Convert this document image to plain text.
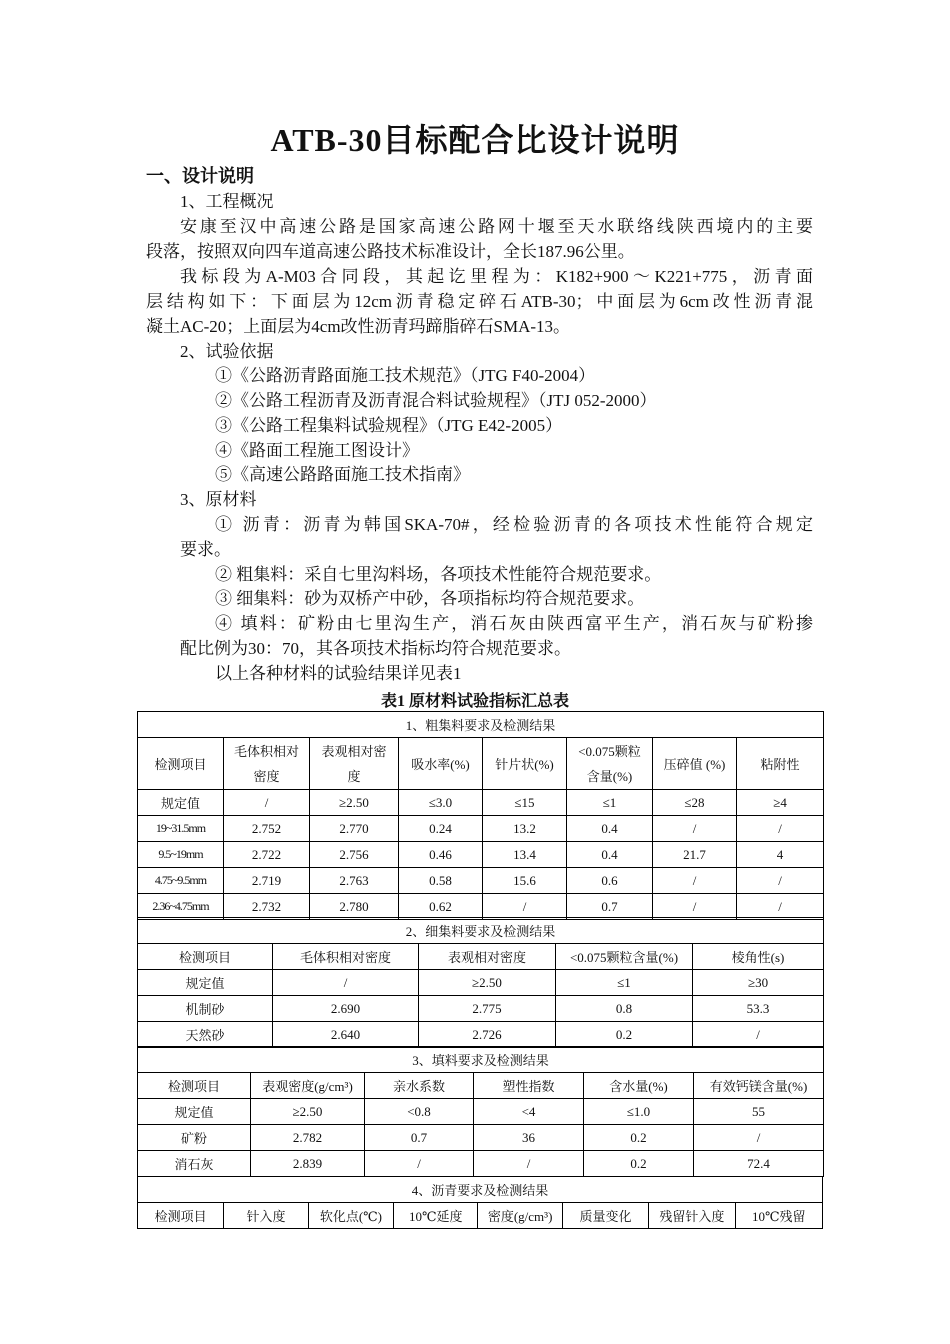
ATB-30目标配合比设计说明
一、设计说明
1、工程概况
安康至汉中高速公路是国家高速公路网十堰至天水联络线陕西境内的主要
段落，按照双向四车道高速公路技术标准设计，全长187.96公里。
我标段为A-M03合同段，其起讫里程为：K182+900～K221+775，沥青面
层结构如下：下面层为12cm沥青稳定碎石ATB-30；中面层为6cm改性沥青混
凝土AC-20；上面层为4cm改性沥青玛蹄脂碎石SMA-13。
2、试验依据
①《公路沥青路面施工技术规范》（JTG F40-2004）
②《公路工程沥青及沥青混合料试验规程》（JTJ 052-2000）
③《公路工程集料试验规程》（JTG E42-2005）
④《路面工程施工图设计》
⑤《高速公路路面施工技术指南》
3、原材料
① 沥青：沥青为韩国SKA-70#，经检验沥青的各项技术性能符合规定
要求。
② 粗集料：采自七里沟料场，各项技术性能符合规范要求。
③ 细集料：砂为双桥产中砂，各项指标均符合规范要求。
④ 填料：矿粉由七里沟生产，消石灰由陕西富平生产，消石灰与矿粉掺
配比例为30：70，其各项技术指标均符合规范要求。
以上各种材料的试验结果详见表1
表1 原材料试验指标汇总表
1、粗集料要求及检测结果							
检测项目	毛体积相对密度	表观相对密度	吸水率(%)	针片状(%)	<0.075颗粒含量(%)	压碎值 (%)	粘附性
规定值	/	≥2.50	≤3.0	≤15	≤1	≤28	≥4
19~31.5mm	2.752	2.770	0.24	13.2	0.4	/	/
9.5~19mm	2.722	2.756	0.46	13.4	0.4	21.7	4
4.75~9.5mm	2.719	2.763	0.58	15.6	0.6	/	/
2.36~4.75mm	2.732	2.780	0.62	/	0.7	/	/
2、细集料要求及检测结果				
检测项目	毛体积相对密度	表观相对密度	<0.075颗粒含量(%)	棱角性(s)
规定值	/	≥2.50	≤1	≥30
机制砂	2.690	2.775	0.8	53.3
天然砂	2.640	2.726	0.2	/
3、填料要求及检测结果					
检测项目	表观密度(g/cm³)	亲水系数	塑性指数	含水量(%)	有效钙镁含量(%)
规定值	≥2.50	<0.8	<4	≤1.0	55
矿粉	2.782	0.7	36	0.2	/
消石灰	2.839	/	/	0.2	72.4
4、沥青要求及检测结果
检测项目	针入度	软化点(℃)	10℃延度	密度(g/cm³)	质量变化	残留针入度	10℃残留
